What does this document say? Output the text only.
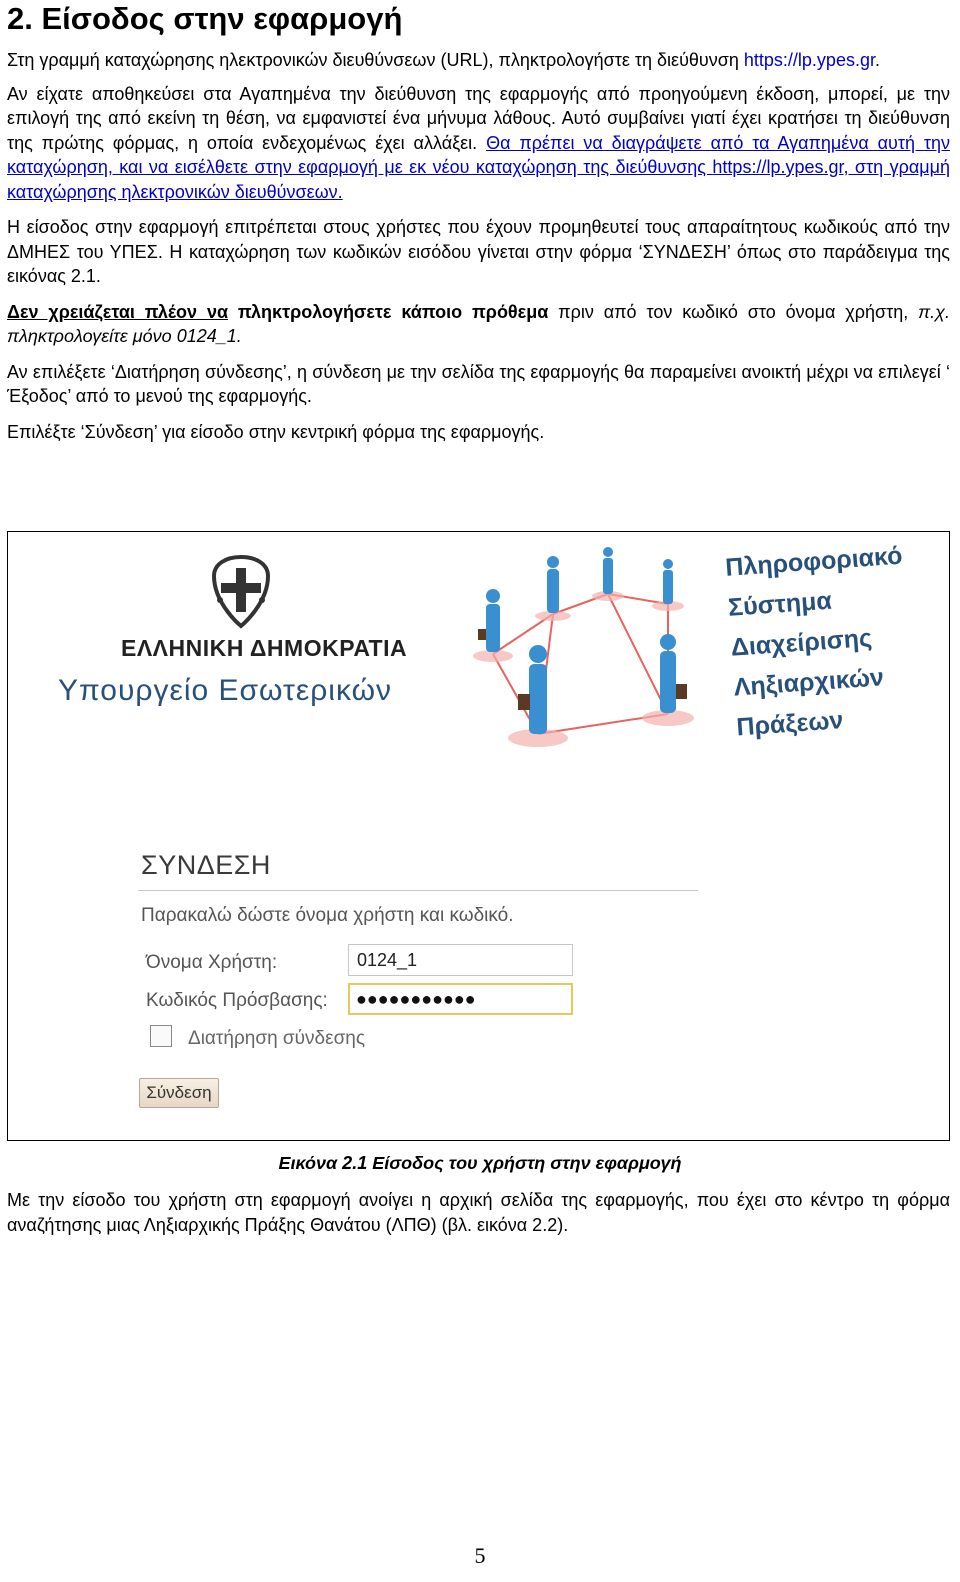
2. Είσοδος στην εφαρμογή

Στη γραμμή καταχώρησης ηλεκτρονικών διευθύνσεων (URL), πληκτρολογήστε τη διεύθυνση https://lp.ypes.gr.

Αν είχατε αποθηκεύσει στα Αγαπημένα την διεύθυνση της εφαρμογής από προηγούμενη έκδοση, μπορεί, με την επιλογή της από εκείνη τη θέση, να εμφανιστεί ένα μήνυμα λάθους. Αυτό συμβαίνει γιατί έχει κρατήσει τη διεύθυνση της πρώτης φόρμας, η οποία ενδεχομένως έχει αλλάξει. Θα πρέπει να διαγράψετε από τα Αγαπημένα αυτή την καταχώρηση, και να εισέλθετε στην εφαρμογή με εκ νέου καταχώρηση της διεύθυνσης https://lp.ypes.gr, στη γραμμή καταχώρησης ηλεκτρονικών διευθύνσεων.

Η είσοδος στην εφαρμογή επιτρέπεται στους χρήστες που έχουν προμηθευτεί τους απαραίτητους κωδικούς από την ΔΜΗΕΣ του ΥΠΕΣ. Η καταχώρηση των κωδικών εισόδου γίνεται στην φόρμα ‘ΣΥΝΔΕΣΗ’ όπως στο παράδειγμα της εικόνας 2.1.

Δεν χρειάζεται πλέον να πληκτρολογήσετε κάποιο πρόθεμα πριν από τον κωδικό στο όνομα χρήστη, π.χ. πληκτρολογείτε μόνο 0124_1.

Αν επιλέξετε ‘Διατήρηση σύνδεσης’, η σύνδεση με την σελίδα της εφαρμογής θα παραμείνει ανοικτή μέχρι να επιλεγεί ‘ Έξοδος’ από το μενού της εφαρμογής.

Επιλέξτε ‘Σύνδεση’ για είσοδο στην κεντρική φόρμα της εφαρμογής.

ΕΛΛΗΝΙΚΗ ΔΗΜΟΚΡΑΤΙΑ
Υπουργείο Εσωτερικών
Πληροφοριακό
Σύστημα
Διαχείρισης
Ληξιαρχικών
Πράξεων
ΣΥΝΔΕΣΗ
Παρακαλώ δώστε όνομα χρήστη και κωδικό.
Όνομα Χρήστη:
0124_1
Κωδικός Πρόσβασης:
●●●●●●●●●●●
Διατήρηση σύνδεσης
Σύνδεση
Εικόνα 2.1 Είσοδος του χρήστη στην εφαρμογή

Με την είσοδο του χρήστη στη εφαρμογή ανοίγει η αρχική σελίδα της εφαρμογής, που έχει στο κέντρο τη φόρμα αναζήτησης μιας Ληξιαρχικής Πράξης Θανάτου (ΛΠΘ) (βλ. εικόνα 2.2).

5
